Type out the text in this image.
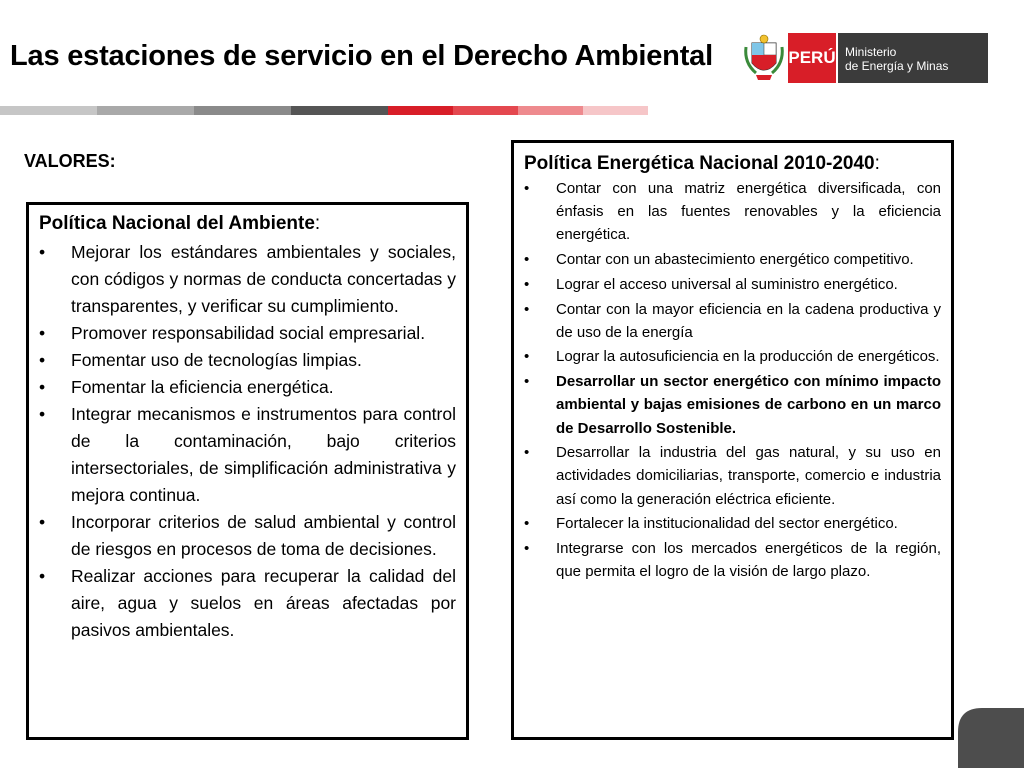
Las estaciones de servicio en el Derecho Ambiental	PERÚ Ministerio
de Energía y Minas
VALORES:
Política Nacional del Ambiente:
• Mejorar los estándares ambientales y sociales, con códigos y normas de conducta concertadas y transparentes, y verificar su cumplimiento.
• Promover responsabilidad social empresarial.
• Fomentar uso de tecnologías limpias.
• Fomentar la eficiencia energética.
• Integrar mecanismos e instrumentos para control de la contaminación, bajo criterios intersectoriales, de simplificación administrativa y mejora continua.
• Incorporar criterios de salud ambiental y control de riesgos en procesos de toma de decisiones.
• Realizar acciones para recuperar la calidad del aire, agua y suelos en áreas afectadas por pasivos ambientales.
Política Energética Nacional 2010-2040:
• Contar con una matriz energética diversificada, con énfasis en las fuentes renovables y la eficiencia energética.
• Contar con un abastecimiento energético competitivo.
• Lograr el acceso universal al suministro energético.
• Contar con la mayor eficiencia en la cadena productiva y de uso de la energía
• Lograr la autosuficiencia en la producción de energéticos.
• Desarrollar un sector energético con mínimo impacto ambiental y bajas emisiones de carbono en un marco de Desarrollo Sostenible.
• Desarrollar la industria del gas natural, y su uso en actividades domiciliarias, transporte, comercio e industria así como la generación eléctrica eficiente.
• Fortalecer la institucionalidad del sector energético.
• Integrarse con los mercados energéticos de la región, que permita el logro de la visión de largo plazo.
